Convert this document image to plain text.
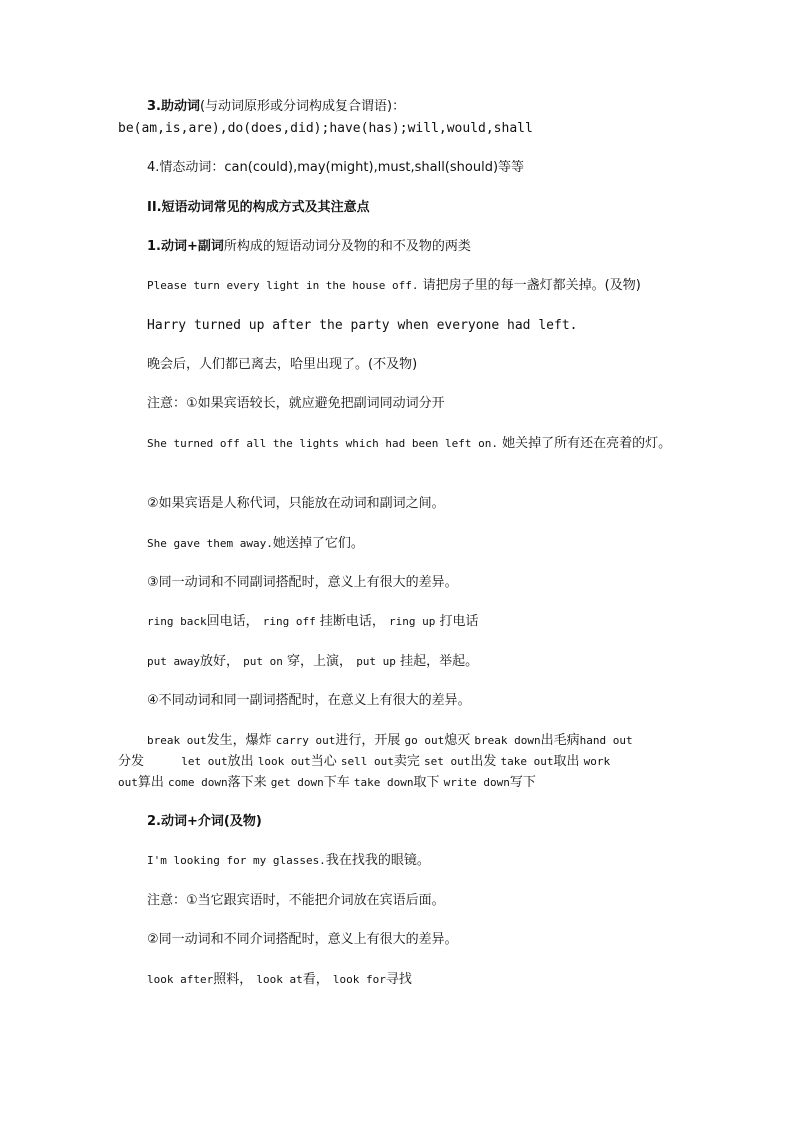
3.助动词(与动词原形或分词构成复合谓语)：
be(am,is,are),do(does,did);have(has);will,would,shall
4.情态动词：can(could),may(might),must,shall(should)等等
II.短语动词常见的构成方式及其注意点
1.动词+副词所构成的短语动词分及物的和不及物的两类
Please turn every light in the house off. 请把房子里的每一盏灯都关掉。(及物)
Harry turned up after the party when everyone had left.
晚会后，人们都已离去，哈里出现了。(不及物)
注意：①如果宾语较长，就应避免把副词同动词分开
She turned off all the lights which had been left on. 她关掉了所有还在亮着的灯。
②如果宾语是人称代词，只能放在动词和副词之间。
She gave them away.她送掉了它们。
③同一动词和不同副词搭配时，意义上有很大的差异。
ring back回电话， ring off 挂断电话， ring up 打电话
put away放好， put on 穿，上演， put up 挂起，举起。
④不同动词和同一副词搭配时，在意义上有很大的差异。
break out发生，爆炸 carry out进行，开展 go out熄灭 break down出毛病hand out
分发	let out放出 look out当心 sell out卖完 set out出发 take out取出 work
out算出 come down落下来 get down下车 take down取下 write down写下
2.动词+介词(及物)
I'm looking for my glasses.我在找我的眼镜。
注意：①当它跟宾语时，不能把介词放在宾语后面。
②同一动词和不同介词搭配时，意义上有很大的差异。
look after照料， look at看， look for寻找
